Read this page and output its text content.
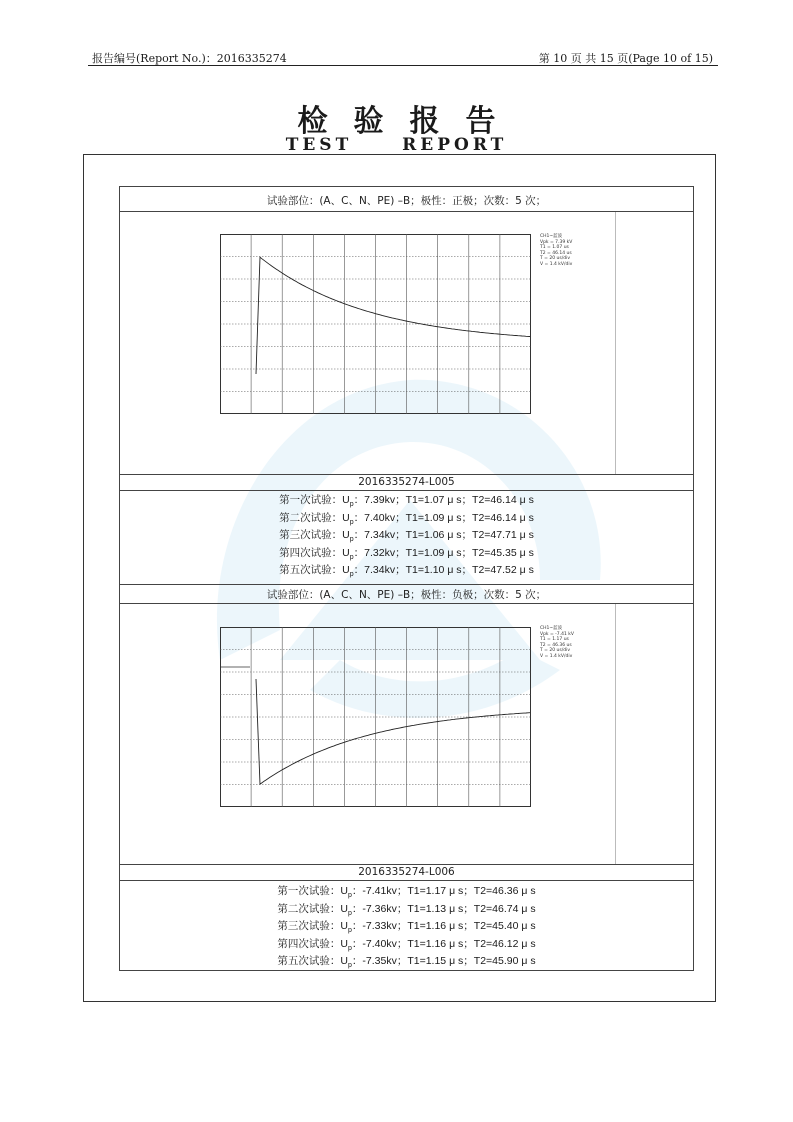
报告编号(Report No.)：2016335274	第 10 页 共 15 页(Page 10 of 15)
检验报告
TEST REPORT
试验部位：(A、C、N、PE) –B；极性：正极；次数：5 次；
CH1~蓝波
Vpk = 7.39 kV
T1 = 1.07 us
T2 = 46.14 us
T = 20 us/div
V = 1.4 kV/div
2016335274-L005
第一次试验：$U_p$：7.39kv；T1=1.07 μ s；T2=46.14 μ s
第二次试验：$U_p$：7.40kv；T1=1.09 μ s；T2=46.14 μ s
第三次试验：$U_p$：7.34kv；T1=1.06 μ s；T2=47.71 μ s
第四次试验：$U_p$：7.32kv；T1=1.09 μ s；T2=45.35 μ s
第五次试验：$U_p$：7.34kv；T1=1.10 μ s；T2=47.52 μ s
试验部位：(A、C、N、PE) –B；极性：负极；次数：5 次；
CH1~蓝波
Vpk = -7.41 kV
T1 = 1.17 us
T2 = 46.36 us
T = 20 us/div
V = 1.4 kV/div
2016335274-L006
第一次试验：$U_p$：-7.41kv；T1=1.17 μ s；T2=46.36 μ s
第二次试验：$U_p$：-7.36kv；T1=1.13 μ s；T2=46.74 μ s
第三次试验：$U_p$：-7.33kv；T1=1.16 μ s；T2=45.40 μ s
第四次试验：$U_p$：-7.40kv；T1=1.16 μ s；T2=46.12 μ s
第五次试验：$U_p$：-7.35kv；T1=1.15 μ s；T2=45.90 μ s
